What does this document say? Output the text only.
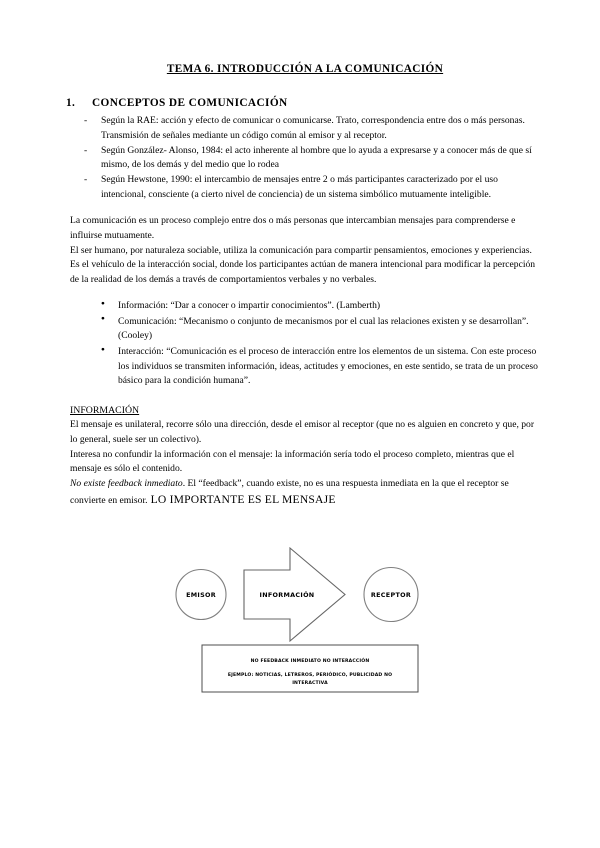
TEMA 6. INTRODUCCIÓN A LA COMUNICACIÓN
1. CONCEPTOS DE COMUNICACIÓN
- Según la RAE: acción y efecto de comunicar o comunicarse. Trato, correspondencia entre dos o más personas. Transmisión de señales mediante un código común al emisor y al receptor.
- Según González- Alonso, 1984: el acto inherente al hombre que lo ayuda a expresarse y a conocer más de que sí mismo, de los demás y del medio que lo rodea
- Según Hewstone, 1990: el intercambio de mensajes entre 2 o más participantes caracterizado por el uso intencional, consciente (a cierto nivel de conciencia) de un sistema simbólico mutuamente inteligible.

La comunicación es un proceso complejo entre dos o más personas que intercambian mensajes para comprenderse e influirse mutuamente.

El ser humano, por naturaleza sociable, utiliza la comunicación para compartir pensamientos, emociones y experiencias.

Es el vehículo de la interacción social, donde los participantes actúan de manera intencional para modificar la percepción de la realidad de los demás a través de comportamientos verbales y no verbales.

● Información: “Dar a conocer o impartir conocimientos”. (Lamberth)
● Comunicación: “Mecanismo o conjunto de mecanismos por el cual las relaciones existen y se desarrollan”. (Cooley)
● Interacción: “Comunicación es el proceso de interacción entre los elementos de un sistema. Con este proceso los individuos se transmiten información, ideas, actitudes y emociones, en este sentido, se trata de un proceso básico para la condición humana”.
INFORMACIÓN

El mensaje es unilateral, recorre sólo una dirección, desde el emisor al receptor (que no es alguien en concreto y que, por lo general, suele ser un colectivo).

Interesa no confundir la información con el mensaje: la información sería todo el proceso completo, mientras que el mensaje es sólo el contenido.

No existe feedback inmediato. El “feedback”, cuando existe, no es una respuesta inmediata en la que el receptor se convierte en emisor. LO IMPORTANTE ES EL MENSAJE

EMISOR	INFORMACIÓN	RECEPTOR
NO FEEDBACK INMEDIATO NO INTERACCIÓN
EJEMPLO: NOTICIAS, LETREROS, PERIÓDICO, PUBLICIDAD NO
INTERACTIVA
